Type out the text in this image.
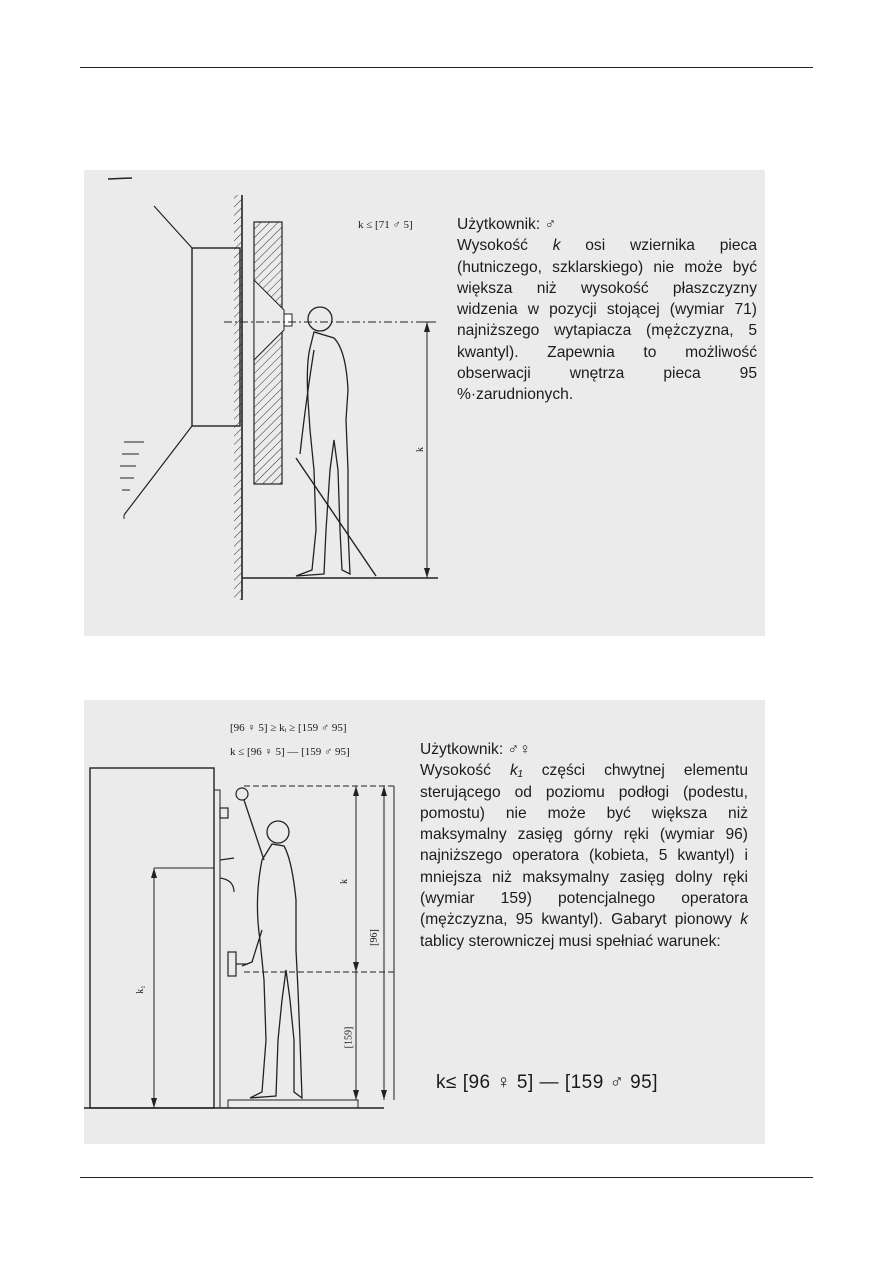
k ≤ [71 ♂ 5]
k
Użytkownik: ♂

Wysokość k osi wziernika pieca (hutniczego, szklarskiego) nie może być większa niż wysokość płaszczyzny widzenia w pozycji stojącej (wymiar 71) najniższego wytapiacza (mężczyzna, 5 kwantyl). Zapewnia to możliwość obserwacji wnętrza pieca 95 %·zarudnionych.

[96 ♀ 5] ≥ kᵢ ≥ [159 ♂ 95]
k ≤ [96 ♀ 5] — [159 ♂ 95]
k
k₁
[96]
[159]
Użytkownik: ♂♀

Wysokość k₁ części chwytnej elementu sterującego od poziomu podłogi (podestu, pomostu) nie może być większa niż maksymalny zasięg górny ręki (wymiar 96) najniższego operatora (kobieta, 5 kwantyl) i mniejsza niż maksymalny zasięg dolny ręki (wymiar 159) potencjalnego operatora (mężczyzna, 95 kwantyl). Gabaryt pionowy k tablicy sterowniczej musi spełniać warunek:

k≤ [96 ♀ 5] — [159 ♂ 95]
